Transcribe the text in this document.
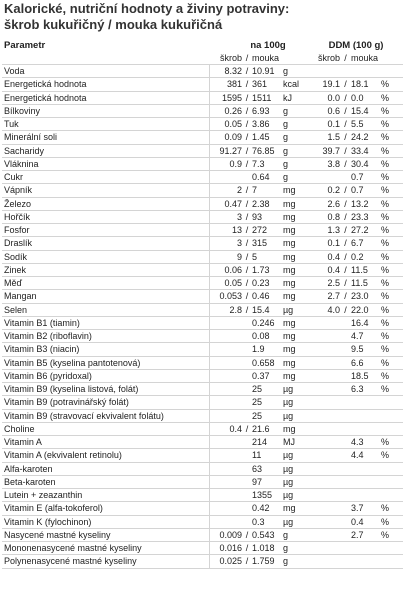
Kalorické, nutriční hodnoty a živiny potraviny:
škrob kukuřičný / mouka kukuřičná
Parametr	na 100g				DDM (100 g)			
	škrob	/	mouka		škrob	/	mouka	
Voda	8.32	/	10.91	g				
Energetická hodnota	381	/	361	kcal	19.1	/	18.1	%
Energetická hodnota	1595	/	1511	kJ	0.0	/	0.0	%
Bílkoviny	0.26	/	6.93	g	0.6	/	15.4	%
Tuk	0.05	/	3.86	g	0.1	/	5.5	%
Minerální soli	0.09	/	1.45	g	1.5	/	24.2	%
Sacharidy	91.27	/	76.85	g	39.7	/	33.4	%
Vláknina	0.9	/	7.3	g	3.8	/	30.4	%
Cukr			0.64	g			0.7	%
Vápník	2	/	7	mg	0.2	/	0.7	%
Železo	0.47	/	2.38	mg	2.6	/	13.2	%
Hořčík	3	/	93	mg	0.8	/	23.3	%
Fosfor	13	/	272	mg	1.3	/	27.2	%
Draslík	3	/	315	mg	0.1	/	6.7	%
Sodík	9	/	5	mg	0.4	/	0.2	%
Zinek	0.06	/	1.73	mg	0.4	/	11.5	%
Měď	0.05	/	0.23	mg	2.5	/	11.5	%
Mangan	0.053	/	0.46	mg	2.7	/	23.0	%
Selen	2.8	/	15.4	µg	4.0	/	22.0	%
Vitamin B1 (tiamin)			0.246	mg			16.4	%
Vitamin B2 (riboflavin)			0.08	mg			4.7	%
Vitamin B3 (niacin)			1.9	mg			9.5	%
Vitamin B5 (kyselina pantotenová)			0.658	mg			6.6	%
Vitamin B6 (pyridoxal)			0.37	mg			18.5	%
Vitamin B9 (kyselina listová, folát)			25	µg			6.3	%
Vitamin B9 (potravinářský folát)			25	µg				
Vitamin B9 (stravovací ekvivalent folátu)			25	µg				
Choline	0.4	/	21.6	mg				
Vitamin A			214	MJ			4.3	%
Vitamin A (ekvivalent retinolu)			11	µg			4.4	%
Alfa-karoten			63	µg				
Beta-karoten			97	µg				
Lutein + zeazanthin			1355	µg				
Vitamin E (alfa-tokoferol)			0.42	mg			3.7	%
Vitamin K (fylochinon)			0.3	µg			0.4	%
Nasycené mastné kyseliny	0.009	/	0.543	g			2.7	%
Mononenasycené mastné kyseliny	0.016	/	1.018	g				
Polynenasycené mastné kyseliny	0.025	/	1.759	g				
